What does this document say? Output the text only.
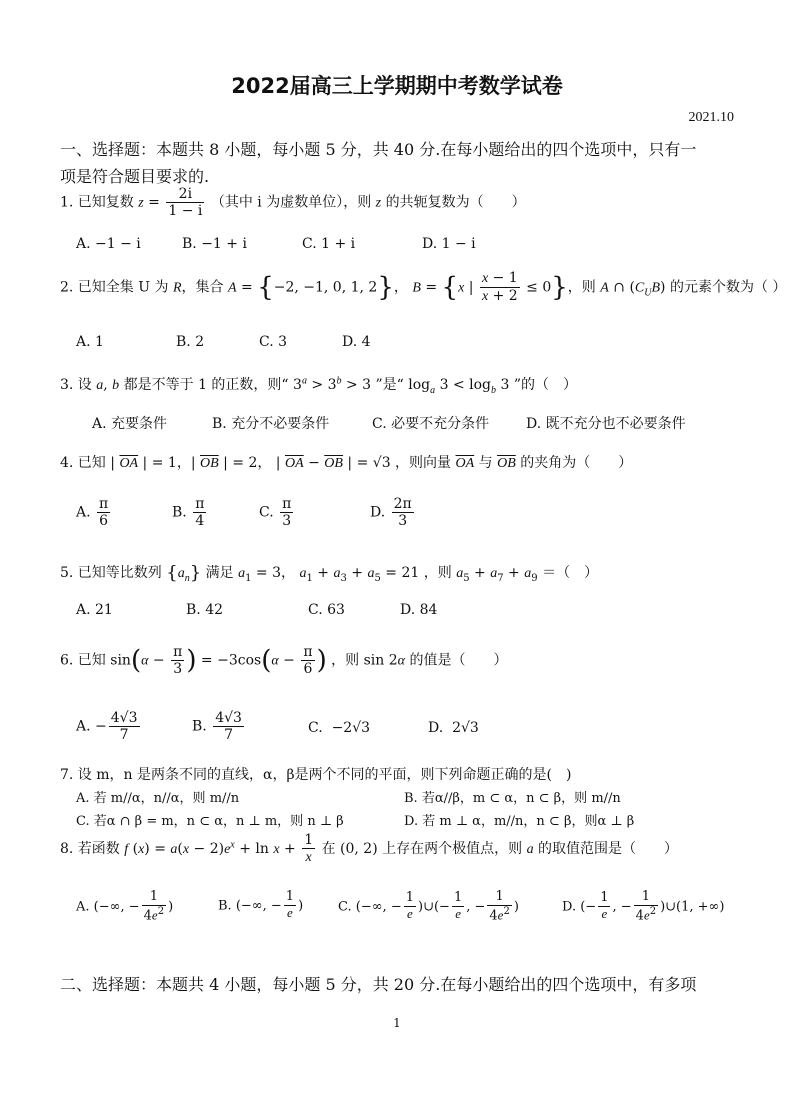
2022届高三上学期期中考数学试卷
2021.10
一、选择题：本题共 8 小题，每小题 5 分，共 40 分.在每小题给出的四个选项中，只有一
项是符合题目要求的.
1. 已知复数 $z = \frac{2i}{1 - i}$ （其中 i 为虚数单位），则 z 的共轭复数为（　　）
A. −1 − i	B. −1 + i	C. 1 + i	D. 1 − i
2. 已知全集 U 为 R，集合 A = {−2, −1, 0, 1, 2}， B = {x | $\frac{x - 1}{x + 2} \le 0$}，则 A ∩ $(C_UB)$ 的元素个数为（ ）
A. 1	B. 2	C. 3	D. 4
3. 设 a, b 都是不等于 1 的正数，则“ $3^a > 3^b > 3$ ”是“ $\log_a 3 < \log_b 3$ ”的（　）
A. 充要条件	B. 充分不必要条件	C. 必要不充分条件	D. 既不充分也不必要条件
4. 已知 | $\overline{OA}$ | = 1，| $\overline{OB}$ | = 2， | $\overline{OA} - \overline{OB}$ | = √3 ，则向量 $\overline{OA}$ 与 $\overline{OB}$ 的夹角为（　　）
A. $\frac{\pi}{6}$	B. $\frac{\pi}{4}$	C. $\frac{\pi}{3}$	D. $\frac{2\pi}{3}$
5. 已知等比数列 $\{a_n\}$ 满足 $a_1 = 3$， $a_1 + a_3 + a_5 = 21$ ，则 $a_5 + a_7 + a_9$ ＝（　）
A. 21	B. 42	C. 63	D. 84
6. 已知 $\sin(\alpha - \frac{\pi}{3}$ ) = $-3\cos(\alpha - \frac{\pi}{6}$ ) ，则 sin 2α 的值是（　　）
A. − $\frac{4√3}{7}$	B. $\frac{4√3}{7}$	C.  −2√3	D.  2√3
7. 设 m，n 是两条不同的直线，α，β是两个不同的平面，则下列命题正确的是(　)
A. 若 m//α，n//α，则 m//n	B. 若α//β，m ⊂ α，n ⊂ β，则 m//n
C. 若α ∩ β = m，n ⊂ α，n ⊥ m，则 n ⊥ β	D. 若 m ⊥ α，m//n，n ⊂ β，则α ⊥ β
8. 若函数 f $(x) = a(x - 2)e^x + \ln x + \frac{1}{x}$ 在 (0, 2) 上存在两个极值点，则 a 的取值范围是（　　）
A. (−∞, − $\frac{1}{4e^2}$ )	B. (−∞, − $\frac{1}{e}$ )	C. (−∞, − $\frac{1}{e}$ )∪(− $\frac{1}{e}$ , − $\frac{1}{4e^2}$ )	D. (− $\frac{1}{e}$ , − $\frac{1}{4e^2}$ )∪(1, +∞)
二、选择题：本题共 4 小题，每小题 5 分，共 20 分.在每小题给出的四个选项中，有多项
1
